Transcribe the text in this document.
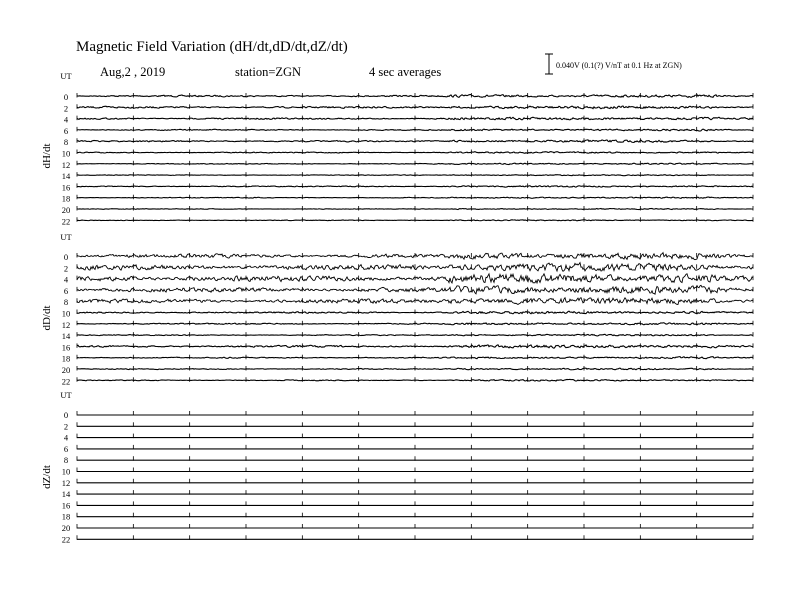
Magnetic Field Variation (dH/dt,dD/dt,dZ/dt)
Aug,2 , 2019	station=ZGN	4 sec averages	0.040V (0.1(?) V/nT at 0.1 Hz at ZGN)
UT
dH/dt
0
2
4
6
8
10
12
14
16
18
20
22
UT
dD/dt
0
2
4
6
8
10
12
14
16
18
20
22
UT
dZ/dt
0
2
4
6
8
10
12
14
16
18
20
22
